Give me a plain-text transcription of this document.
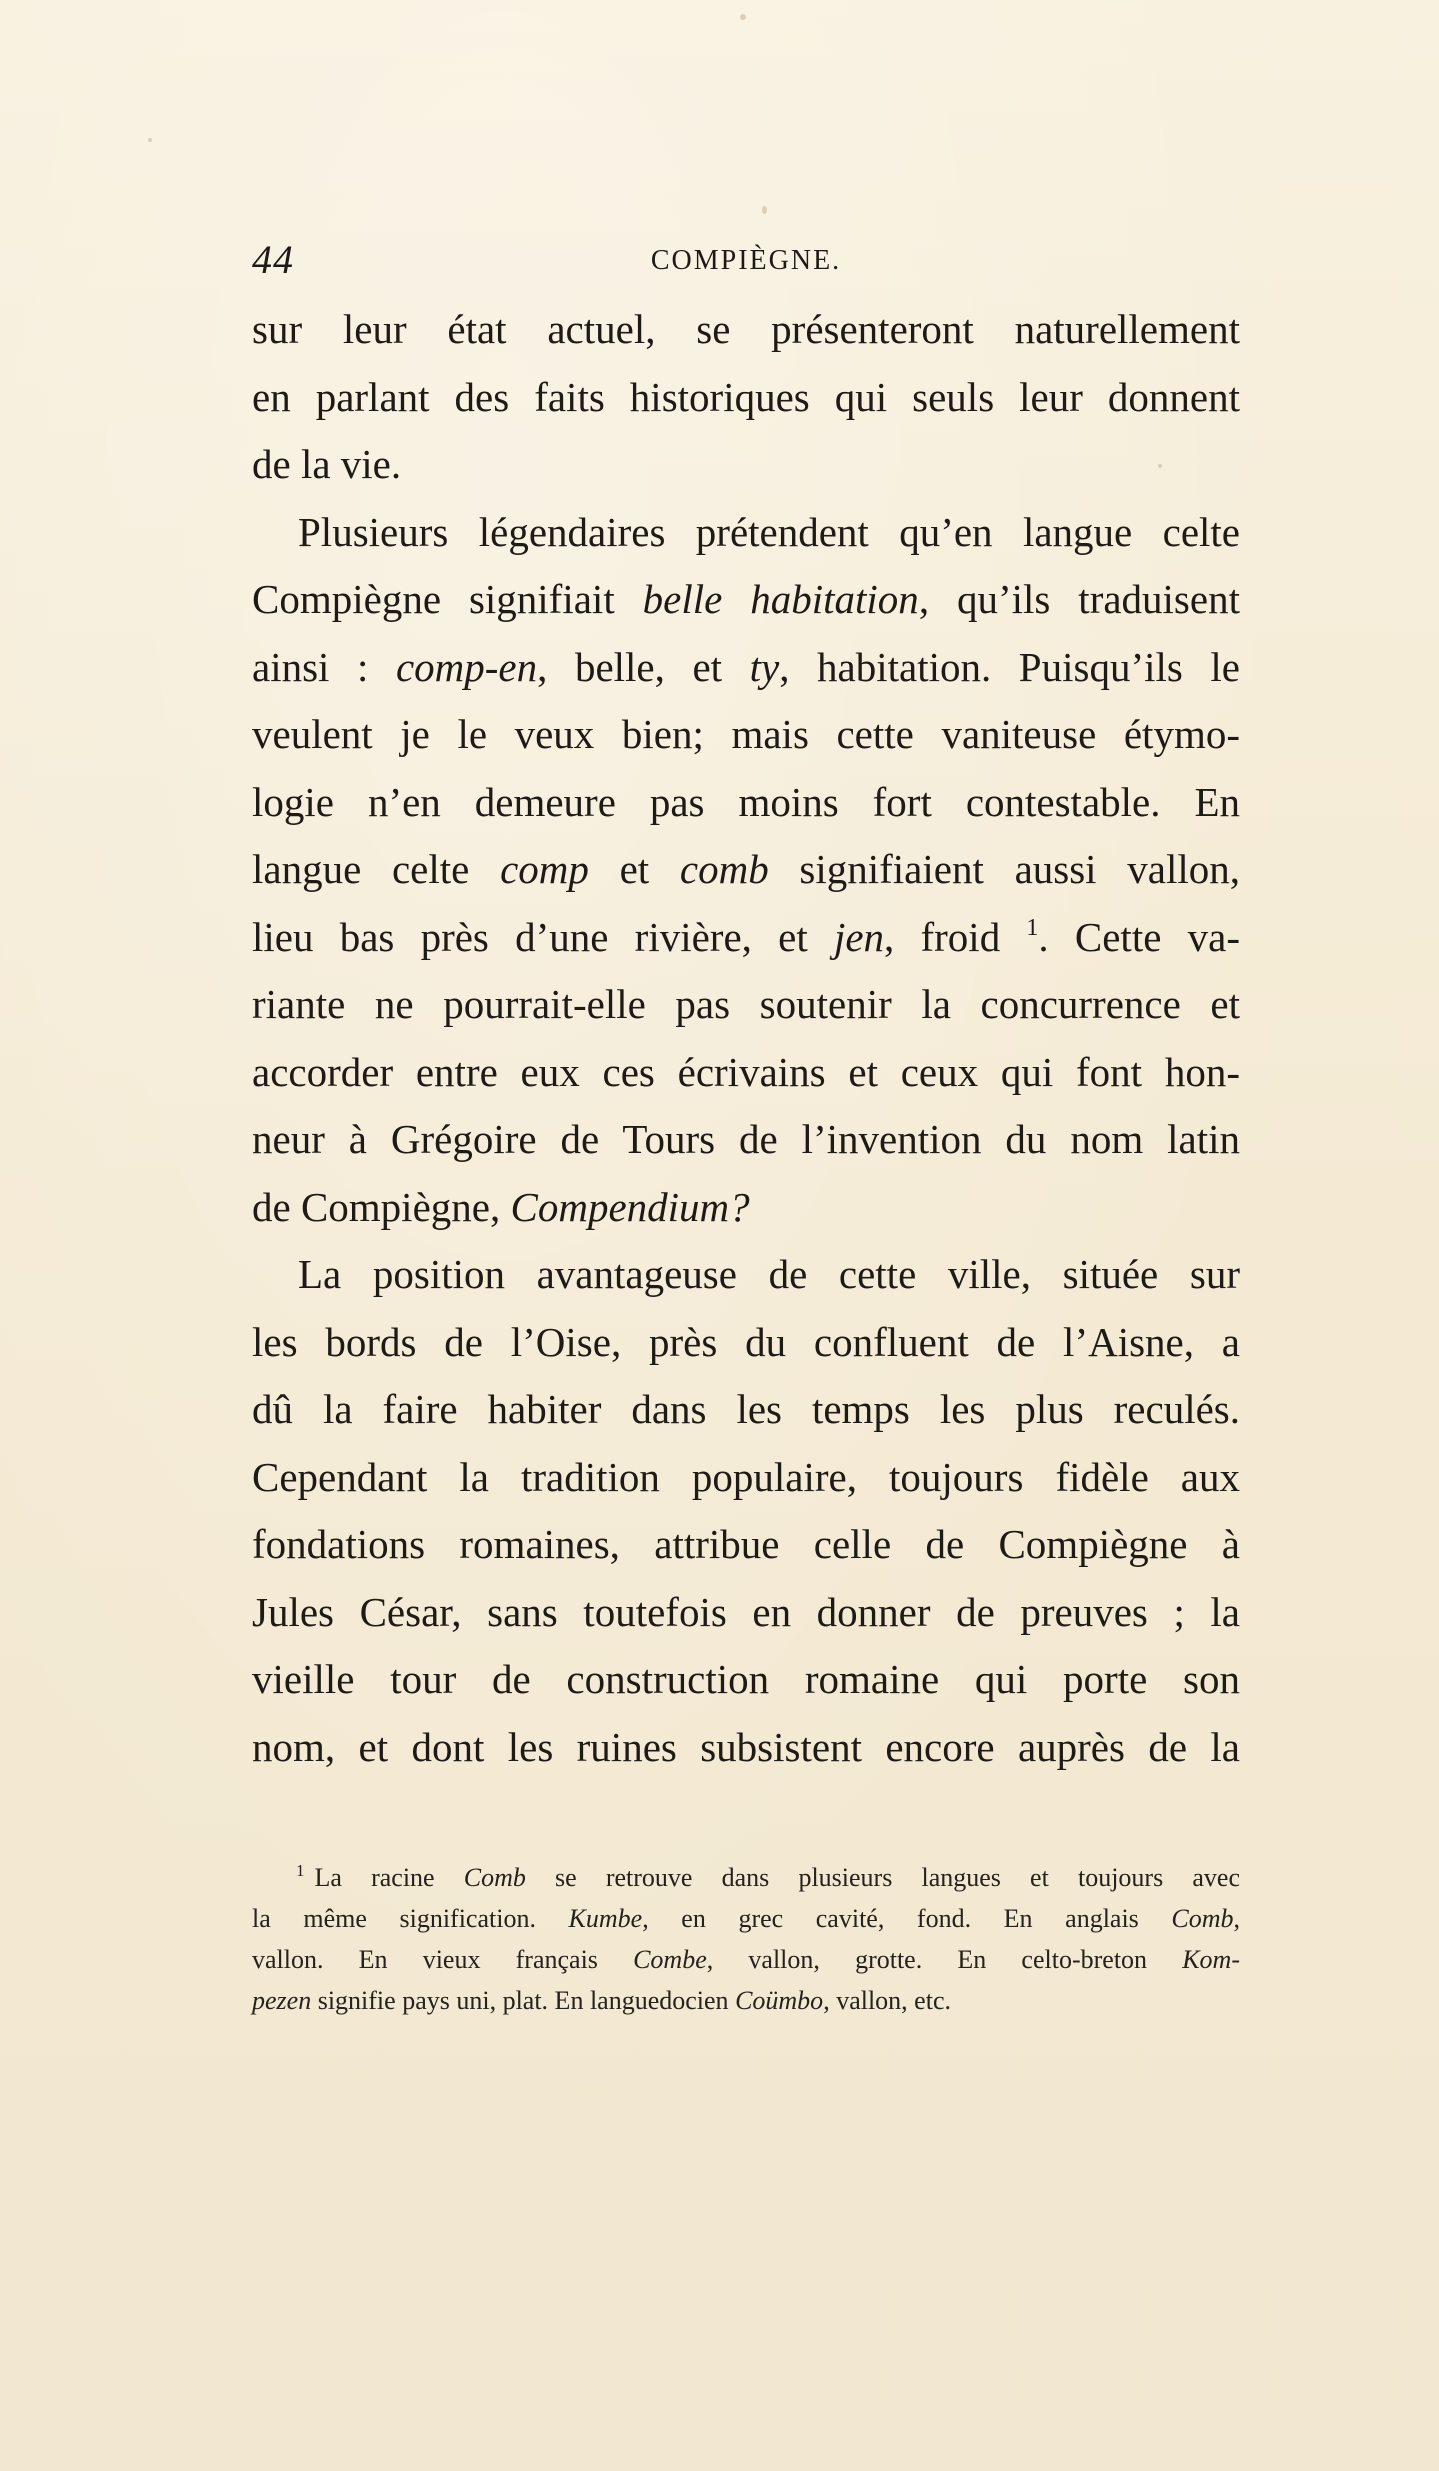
44	COMPIÈGNE.
sur leur état actuel, se présenteront naturellement
en parlant des faits historiques qui seuls leur donnent
de la vie.
Plusieurs légendaires prétendent qu’en langue celte
Compiègne signifiait belle habitation, qu’ils traduisent
ainsi : comp-en, belle, et ty, habitation. Puisqu’ils le
veulent je le veux bien; mais cette vaniteuse étymo-
logie n’en demeure pas moins fort contestable. En
langue celte comp et comb signifiaient aussi vallon,
lieu bas près d’une rivière, et jen, froid $^1$. Cette va-
riante ne pourrait-elle pas soutenir la concurrence et
accorder entre eux ces écrivains et ceux qui font hon-
neur à Grégoire de Tours de l’invention du nom latin
de Compiègne, Compendium?
La position avantageuse de cette ville, située sur
les bords de l’Oise, près du confluent de l’Aisne, a
dû la faire habiter dans les temps les plus reculés.
Cependant la tradition populaire, toujours fidèle aux
fondations romaines, attribue celle de Compiègne à
Jules César, sans toutefois en donner de preuves ; la
vieille tour de construction romaine qui porte son
nom, et dont les ruines subsistent encore auprès de la
$^1$ La racine Comb se retrouve dans plusieurs langues et toujours avec
la même signification. Kumbe, en grec cavité, fond. En anglais Comb,
vallon. En vieux français Combe, vallon, grotte. En celto-breton Kom-
pezen signifie pays uni, plat. En languedocien Coümbo, vallon, etc.
